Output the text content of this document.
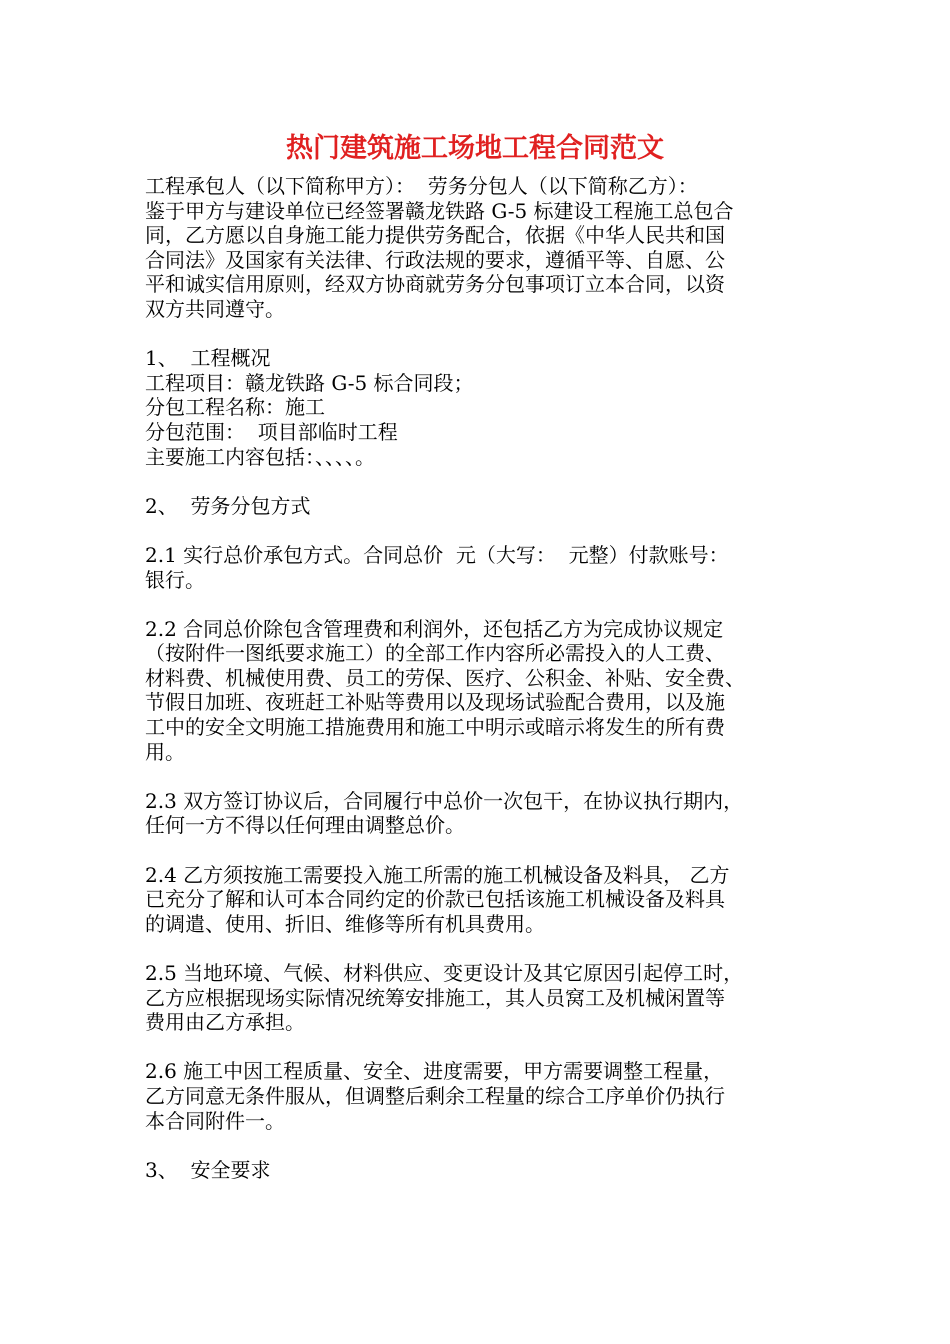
热门建筑施工场地工程合同范文
工程承包人（以下简称甲方）：  劳务分包人（以下简称乙方）：
鉴于甲方与建设单位已经签署赣龙铁路 G-5 标建设工程施工总包合
同，乙方愿以自身施工能力提供劳务配合，依据《中华人民共和国
合同法》及国家有关法律、行政法规的要求，遵循平等、自愿、公
平和诚实信用原则，经双方协商就劳务分包事项订立本合同，以资
双方共同遵守。
1、  工程概况
工程项目：赣龙铁路 G-5 标合同段；
分包工程名称：施工
分包范围：  项目部临时工程
主要施工内容包括：、、、、。
2、  劳务分包方式
2.1 实行总价承包方式。合同总价  元（大写：  元整）付款账号：
银行。
2.2 合同总价除包含管理费和利润外，还包括乙方为完成协议规定
（按附件一图纸要求施工）的全部工作内容所必需投入的人工费、
材料费、机械使用费、员工的劳保、医疗、公积金、补贴、安全费、
节假日加班、夜班赶工补贴等费用以及现场试验配合费用，以及施
工中的安全文明施工措施费用和施工中明示或暗示将发生的所有费
用。
2.3 双方签订协议后，合同履行中总价一次包干，在协议执行期内，
任何一方不得以任何理由调整总价。
2.4 乙方须按施工需要投入施工所需的施工机械设备及料具， 乙方
已充分了解和认可本合同约定的价款已包括该施工机械设备及料具
的调遣、使用、折旧、维修等所有机具费用。
2.5 当地环境、气候、材料供应、变更设计及其它原因引起停工时，
乙方应根据现场实际情况统筹安排施工，其人员窝工及机械闲置等
费用由乙方承担。
2.6 施工中因工程质量、安全、进度需要，甲方需要调整工程量，
乙方同意无条件服从，但调整后剩余工程量的综合工序单价仍执行
本合同附件一。
3、  安全要求
